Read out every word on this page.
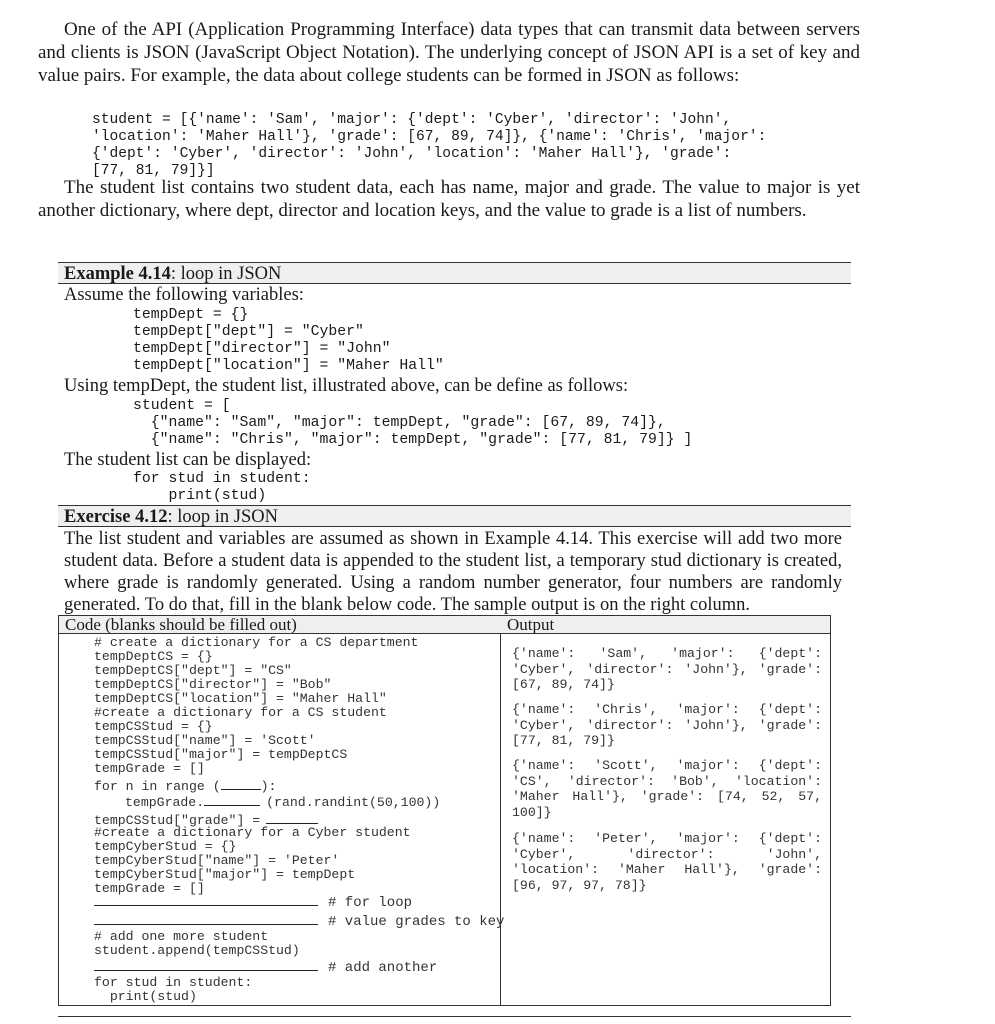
One of the API (Application Programming Interface) data types that can transmit data between servers and clients is JSON (JavaScript Object Notation). The underlying concept of JSON API is a set of key and value pairs. For example, the data about college students can be formed in JSON as follows:

student = [{'name': 'Sam', 'major': {'dept': 'Cyber', 'director': 'John',
'location': 'Maher Hall'}, 'grade': [67, 89, 74]}, {'name': 'Chris', 'major':
{'dept': 'Cyber', 'director': 'John', 'location': 'Maher Hall'}, 'grade':
[77, 81, 79]}]

The student list contains two student data, each has name, major and grade. The value to major is yet another dictionary, where dept, director and location keys, and the value to grade is a list of numbers.

Example 4.14: loop in JSON
Assume the following variables:
tempDept = {}
tempDept["dept"] = "Cyber"
tempDept["director"] = "John"
tempDept["location"] = "Maher Hall"
Using tempDept, the student list, illustrated above, can be define as follows:
student = [
{"name": "Sam", "major": tempDept, "grade": [67, 89, 74]},
{"name": "Chris", "major": tempDept, "grade": [77, 81, 79]} ]
The student list can be displayed:
for stud in student:
print(stud)
Exercise 4.12: loop in JSON

The list student and variables are assumed as shown in Example 4.14. This exercise will add two more student data. Before a student data is appended to the student list, a temporary stud dictionary is created, where grade is randomly generated. Using a random number generator, four numbers are randomly generated. To do that, fill in the blank below code. The sample output is on the right column.

Code (blanks should be filled out)	Output
# create a dictionary for a CS department
tempDeptCS = {}
tempDeptCS["dept"] = "CS"
tempDeptCS["director"] = "Bob"
tempDeptCS["location"] = "Maher Hall"
#create a dictionary for a CS student
tempCSStud = {}
tempCSStud["name"] = 'Scott'
tempCSStud["major"] = tempDeptCS
tempGrade = []
for n in range (	):
tempGrade.	(rand.randint(50,100))
tempCSStud["grade"] =
#create a dictionary for a Cyber student
tempCyberStud = {}
tempCyberStud["name"] = 'Peter'
tempCyberStud["major"] = tempDept
tempGrade = []
# for loop
# value grades to key
# add one more student
student.append(tempCSStud)
# add another
for stud in student:
print(stud)

{'name': 'Sam', 'major': {'dept': 'Cyber', 'director': 'John'}, 'grade': [67, 89, 74]}

{'name': 'Chris', 'major': {'dept': 'Cyber', 'director': 'John'}, 'grade': [77, 81, 79]}

{'name': 'Scott', 'major': {'dept': 'CS', 'director': 'Bob', 'location': 'Maher Hall'}, 'grade': [74, 52, 57, 100]}

{'name': 'Peter', 'major': {'dept': 'Cyber', 'director': 'John', 'location': 'Maher Hall'}, 'grade': [96, 97, 97, 78]}
